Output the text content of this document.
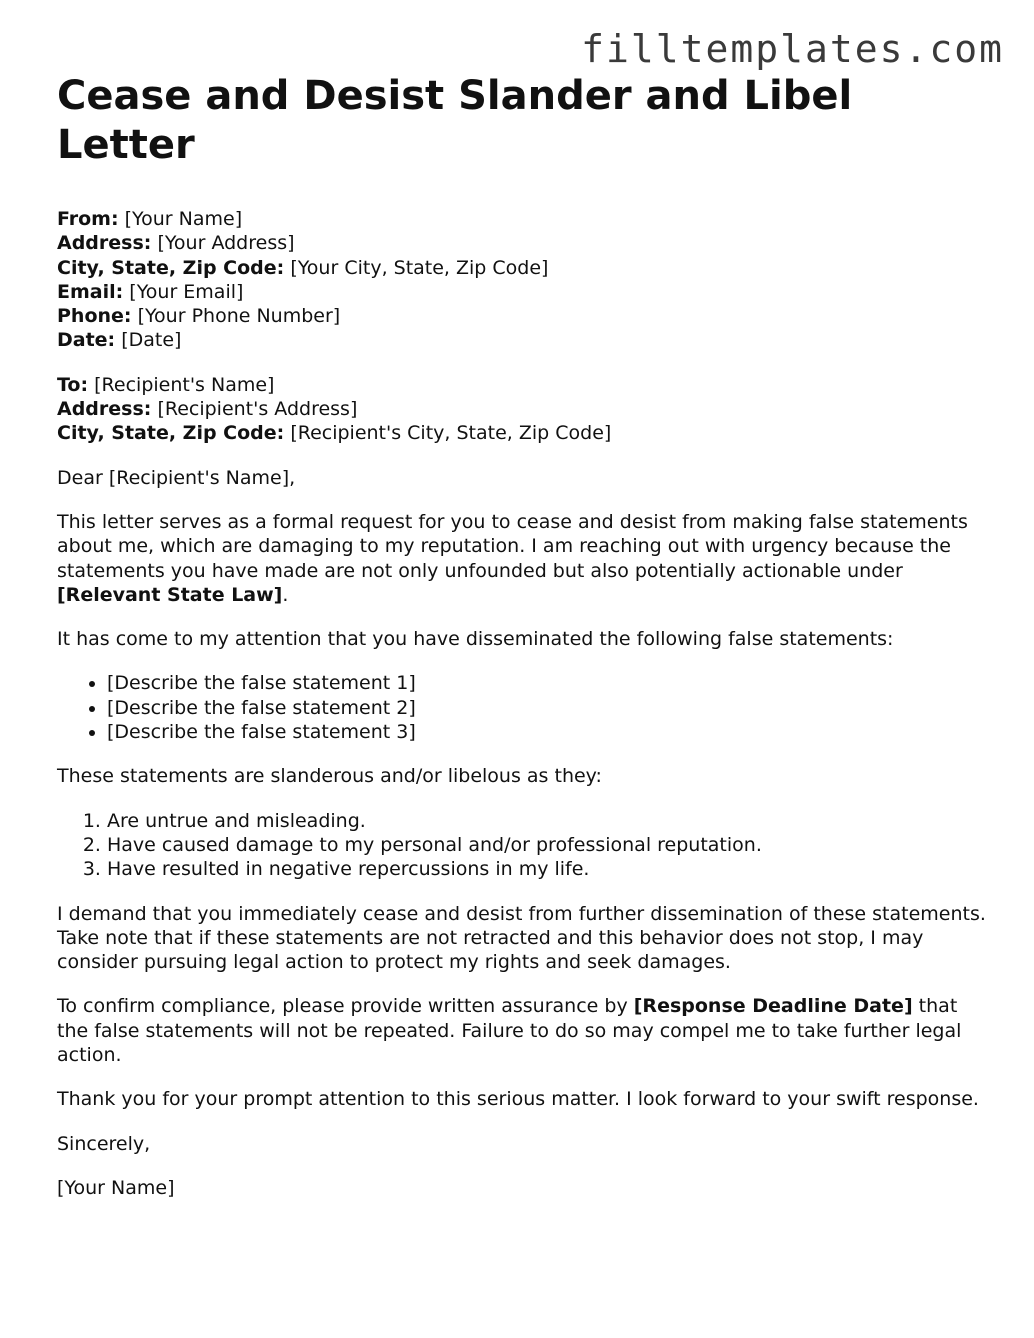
filltemplates.com
Cease and Desist Slander and Libel Letter
From: [Your Name]
Address: [Your Address]
City, State, Zip Code: [Your City, State, Zip Code]
Email: [Your Email]
Phone: [Your Phone Number]
Date: [Date]
To: [Recipient's Name]
Address: [Recipient's Address]
City, State, Zip Code: [Recipient's City, State, Zip Code]

Dear [Recipient's Name],

This letter serves as a formal request for you to cease and desist from making false statements about me, which are damaging to my reputation. I am reaching out with urgency because the statements you have made are not only unfounded but also potentially actionable under [Relevant State Law].

It has come to my attention that you have disseminated the following false statements:

• [Describe the false statement 1]
• [Describe the false statement 2]
• [Describe the false statement 3]

These statements are slanderous and/or libelous as they:

1. Are untrue and misleading.
2. Have caused damage to my personal and/or professional reputation.
3. Have resulted in negative repercussions in my life.

I demand that you immediately cease and desist from further dissemination of these statements. Take note that if these statements are not retracted and this behavior does not stop, I may consider pursuing legal action to protect my rights and seek damages.

To confirm compliance, please provide written assurance by [Response Deadline Date] that the false statements will not be repeated. Failure to do so may compel me to take further legal action.

Thank you for your prompt attention to this serious matter. I look forward to your swift response.

Sincerely,

[Your Name]
